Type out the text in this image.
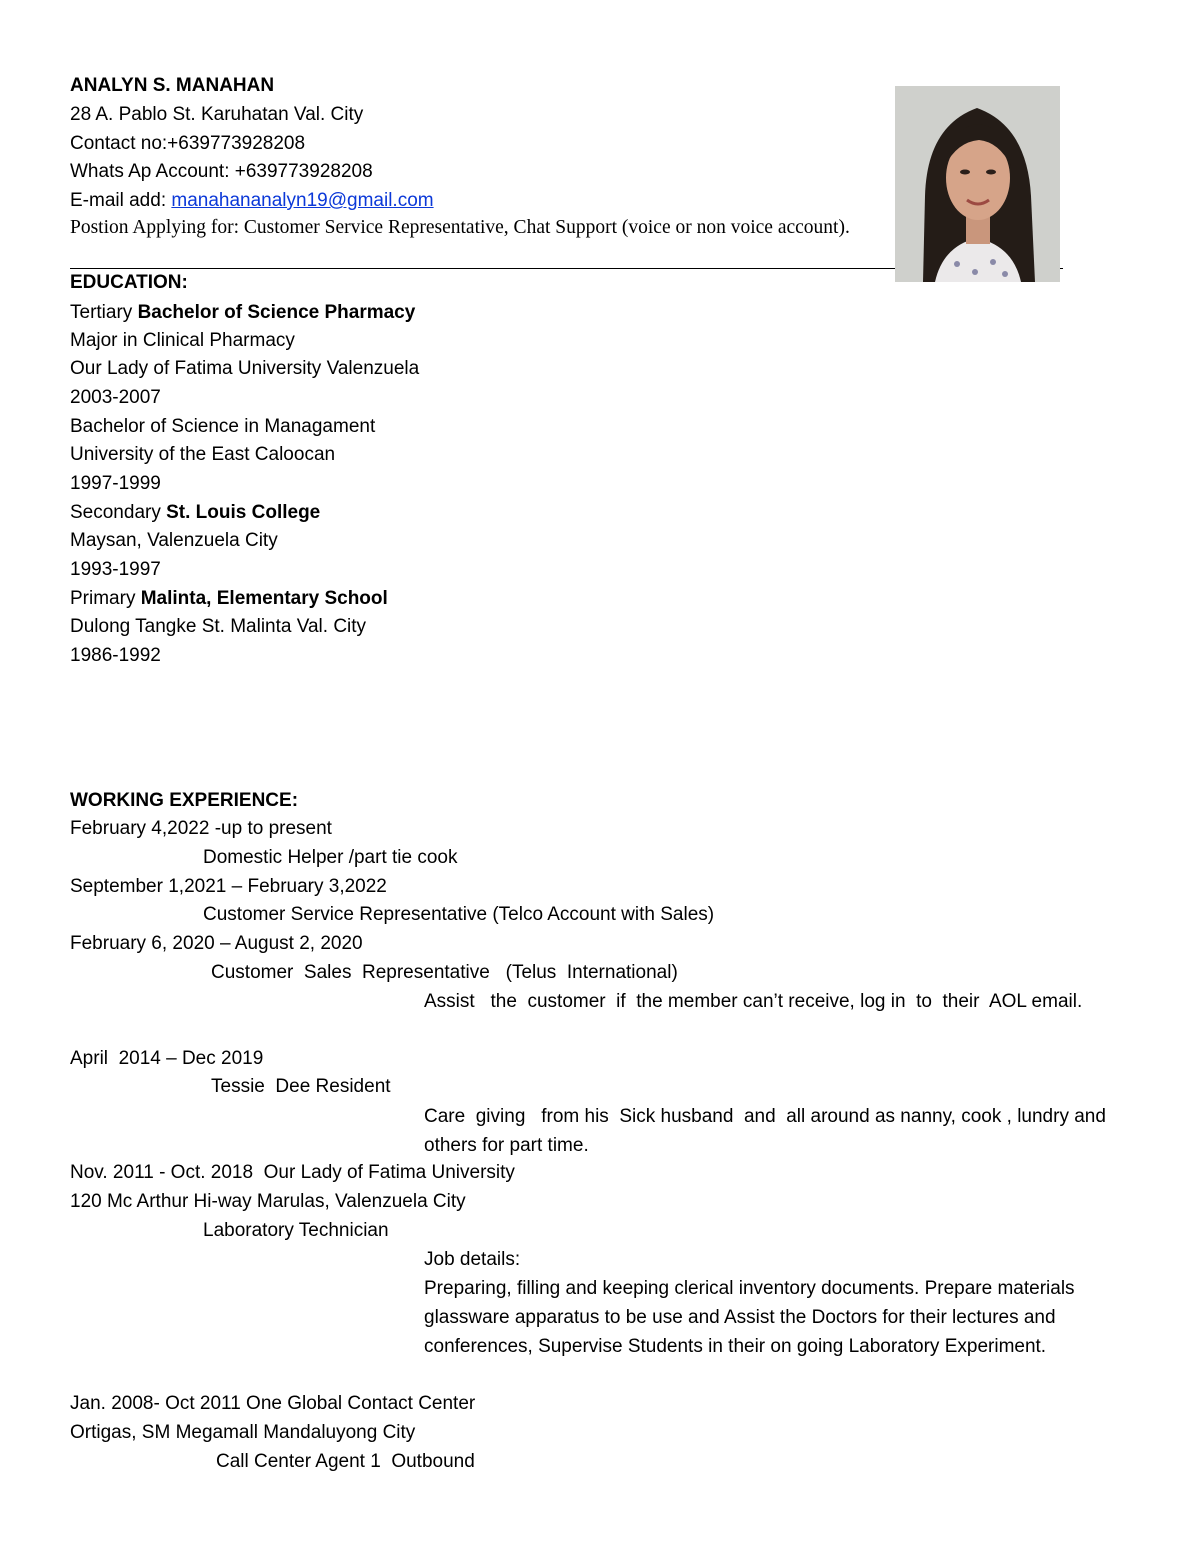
ANALYN S. MANAHAN
28 A. Pablo St. Karuhatan Val. City
Contact no:+639773928208
Whats Ap Account: +639773928208
E-mail add: manahananalyn19@gmail.com
Postion Applying for: Customer Service Representative, Chat Support (voice or non voice account).
EDUCATION:
Tertiary Bachelor of Science Pharmacy
Major in Clinical Pharmacy
Our Lady of Fatima University Valenzuela
2003-2007
Bachelor of Science in Managament
University of the East Caloocan
1997-1999
Secondary St. Louis College
Maysan, Valenzuela City
1993-1997
Primary Malinta, Elementary School
Dulong Tangke St. Malinta Val. City
1986-1992
WORKING EXPERIENCE:
February 4,2022 -up to present
Domestic Helper /part tie cook
September 1,2021 – February 3,2022
Customer Service Representative (Telco Account with Sales)
February 6, 2020 – August 2, 2020
Customer  Sales  Representative   (Telus  International)
Assist   the  customer  if  the member can’t receive, log in  to  their  AOL email.
April  2014 – Dec 2019
Tessie  Dee Resident
Care  giving   from his  Sick husband  and  all around as nanny, cook , lundry and others for part time.
Nov. 2011 - Oct. 2018  Our Lady of Fatima University
120 Mc Arthur Hi-way Marulas, Valenzuela City
Laboratory Technician
Job details:
Preparing, filling and keeping clerical inventory documents. Prepare materials glassware apparatus to be use and Assist the Doctors for their lectures and conferences, Supervise Students in their on going Laboratory Experiment.
Jan. 2008- Oct 2011 One Global Contact Center
Ortigas, SM Megamall Mandaluyong City
Call Center Agent 1  Outbound
